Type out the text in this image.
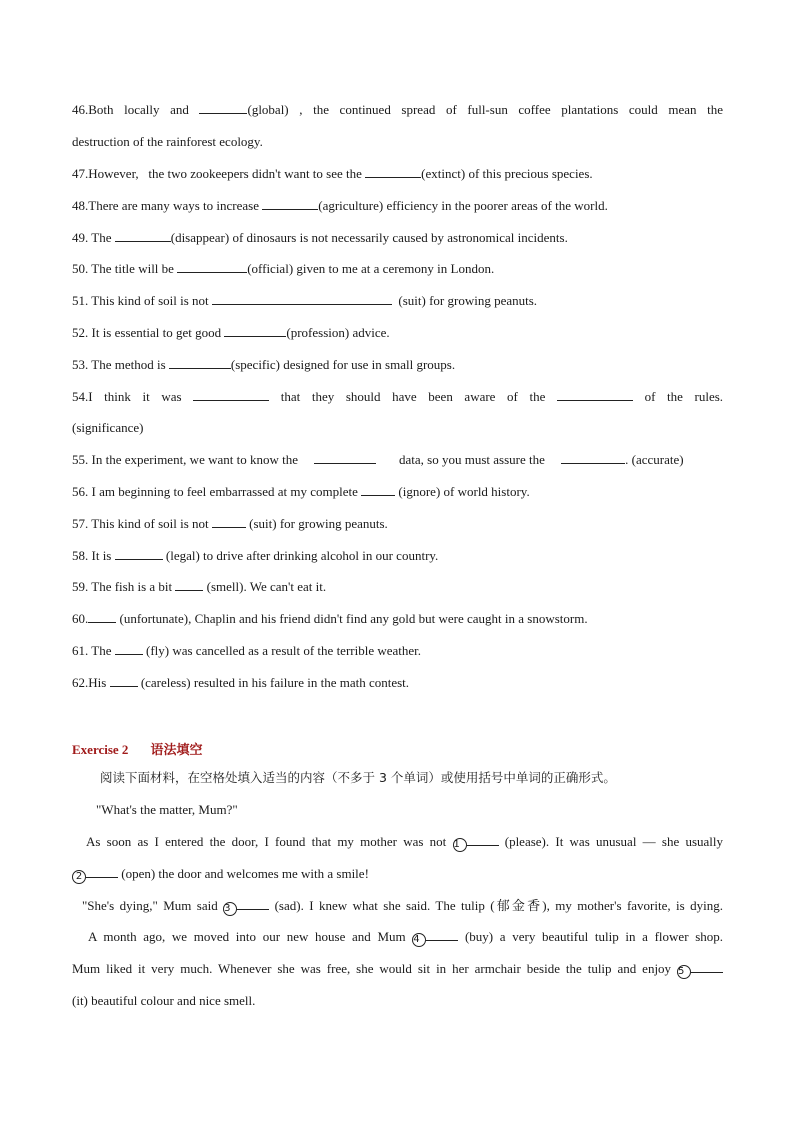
46.Both locally and	(global) , the continued spread of full-sun coffee plantations could mean the
destruction of the rainforest ecology.
47.However,   the two zookeepers didn't want to see the	(extinct) of this precious species.
48.There are many ways to increase	(agriculture) efficiency in the poorer areas of the world.
49. The	(disappear) of dinosaurs is not necessarily caused by astronomical incidents.
50. The title will be	(official) given to me at a ceremony in London.
51. This kind of soil is not	(suit) for growing peanuts.
52. It is essential to get good	(profession) advice.
53. The method is	(specific) designed for use in small groups.
54.I think it was	that they should have been aware of the	of the rules.
(significance)
55. In the experiment, we want to know the	data, so you must assure the	. (accurate)
56. I am beginning to feel embarrassed at my complete	(ignore) of world history.
57. This kind of soil is not	(suit) for growing peanuts.
58. It is	(legal) to drive after drinking alcohol in our country.
59. The fish is a bit  (smell). We can't eat it.
60. (unfortunate), Chaplin and his friend didn't find any gold but were caught in a snowstorm.
61. The  (fly) was cancelled as a result of the terrible weather.
62.His  (careless) resulted in his failure in the math contest.
Exercise 2 语法填空
阅读下面材料，在空格处填入适当的内容（不多于 3 个单词）或使用括号中单词的正确形式。
"What's the matter, Mum?"
As soon as I entered the door, I found that my mother was not 1	(please). It was unusual — she usually
2	(open) the door and welcomes me with a smile!
"She's dying," Mum said 3	(sad). I knew what she said. The tulip (郁金香), my mother's favorite, is dying.
A month ago, we moved into our new house and Mum 4	(buy) a very beautiful tulip in a flower shop.
Mum liked it very much. Whenever she was free, she would sit in her armchair beside the tulip and enjoy 5
(it) beautiful colour and nice smell.
